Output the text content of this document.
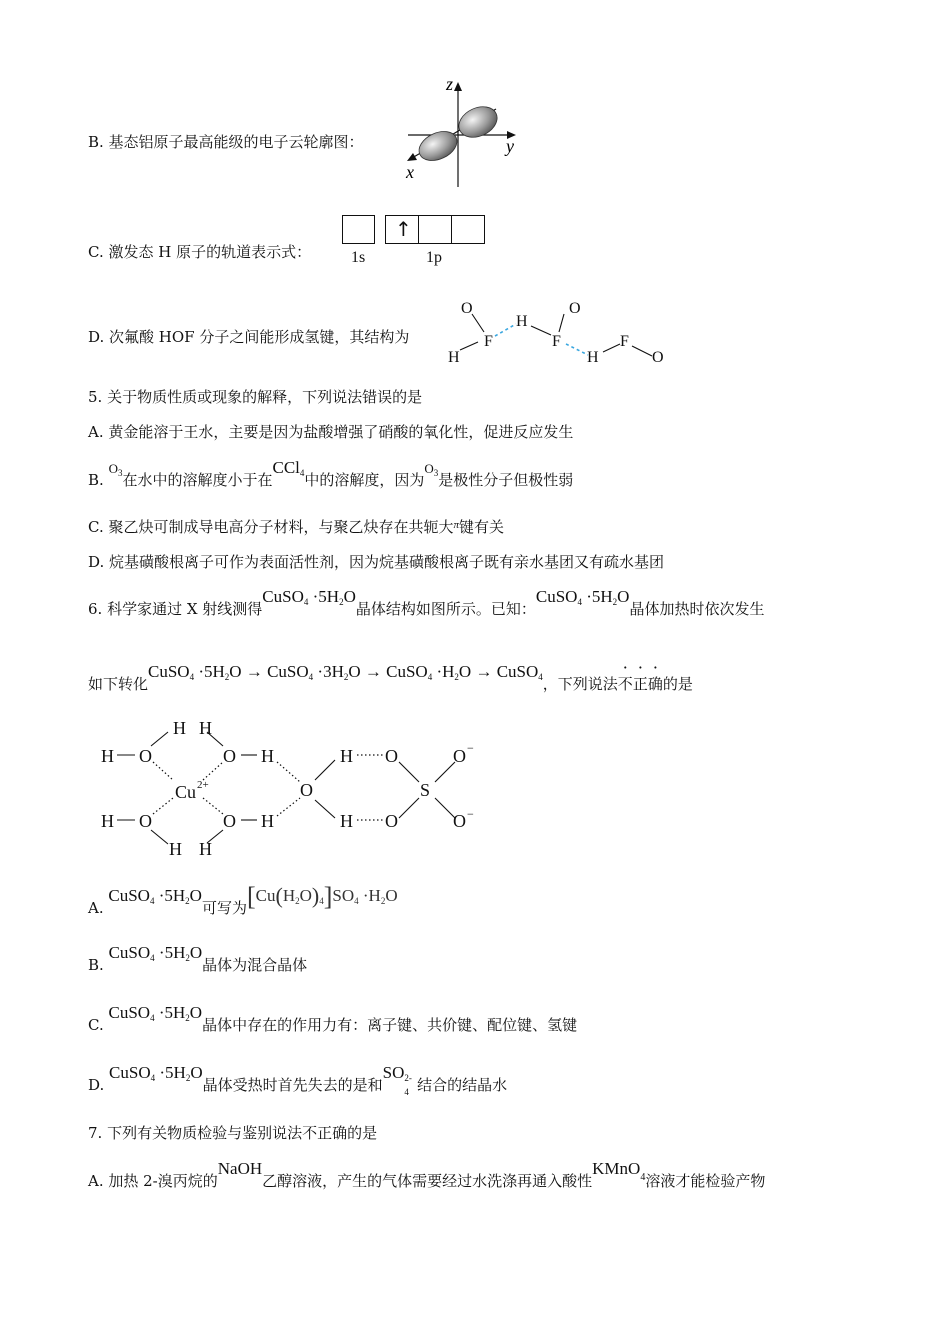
B. 基态铝原子最高能级的电子云轮廓图：
z
y
x
C. 激发态 H 原子的轨道表示式：
↑
1s	1p
D. 次氟酸 HOF 分子之间能形成氢键，其结构为
O
H
F
H
O
F
H
F
O
5. 关于物质性质或现象的解释，下列说法错误的是
A. 黄金能溶于王水，主要是因为盐酸增强了硝酸的氧化性，促进反应发生
B. $O_3$在水中的溶解度小于在CCl$_4$中的溶解度，因为$O_3$是极性分子但极性弱
C. 聚乙炔可制成导电高分子材料，与聚乙炔存在共轭大$^\pi$键有关
D. 烷基磺酸根离子可作为表面活性剂，因为烷基磺酸根离子既有亲水基团又有疏水基团
6. 科学家通过 X 射线测得CuSO$_4$ $\cdot 5H_2O$晶体结构如图所示。已知：CuSO$_4$ $\cdot 5H_2O$晶体加热时依次发生
如下转化CuSO$_4$ $\cdot 5H_2O$ → CuSO$_4$ $\cdot 3H_2O$ → CuSO$_4$ $\cdot H_2O$ → CuSO$_4$，下列说法不正确的是
H H
H O	O H
Cu 2+
H O	H
O
O
H
H
H
O
S
O
O
O
−
−
H
A. CuSO$_4$ $\cdot 5H_2O$可写为$[Cu(H_2O)_4]SO_4 \cdot H_2O$
B. CuSO$_4$ $\cdot 5H_2O$晶体为混合晶体
C. CuSO$_4$ $\cdot 5H_2O$晶体中存在的作用力有：离子键、共价键、配位键、氢键
D. CuSO$_4$ $\cdot 5H_2O$晶体受热时首先失去的是和SO 2-
4 结合的结晶水
7. 下列有关物质检验与鉴别说法不正确的是
A. 加热 2-溴丙烷的NaOH乙醇溶液，产生的气体需要经过水洗涤再通入酸性KMnO$^4$溶液才能检验产物
